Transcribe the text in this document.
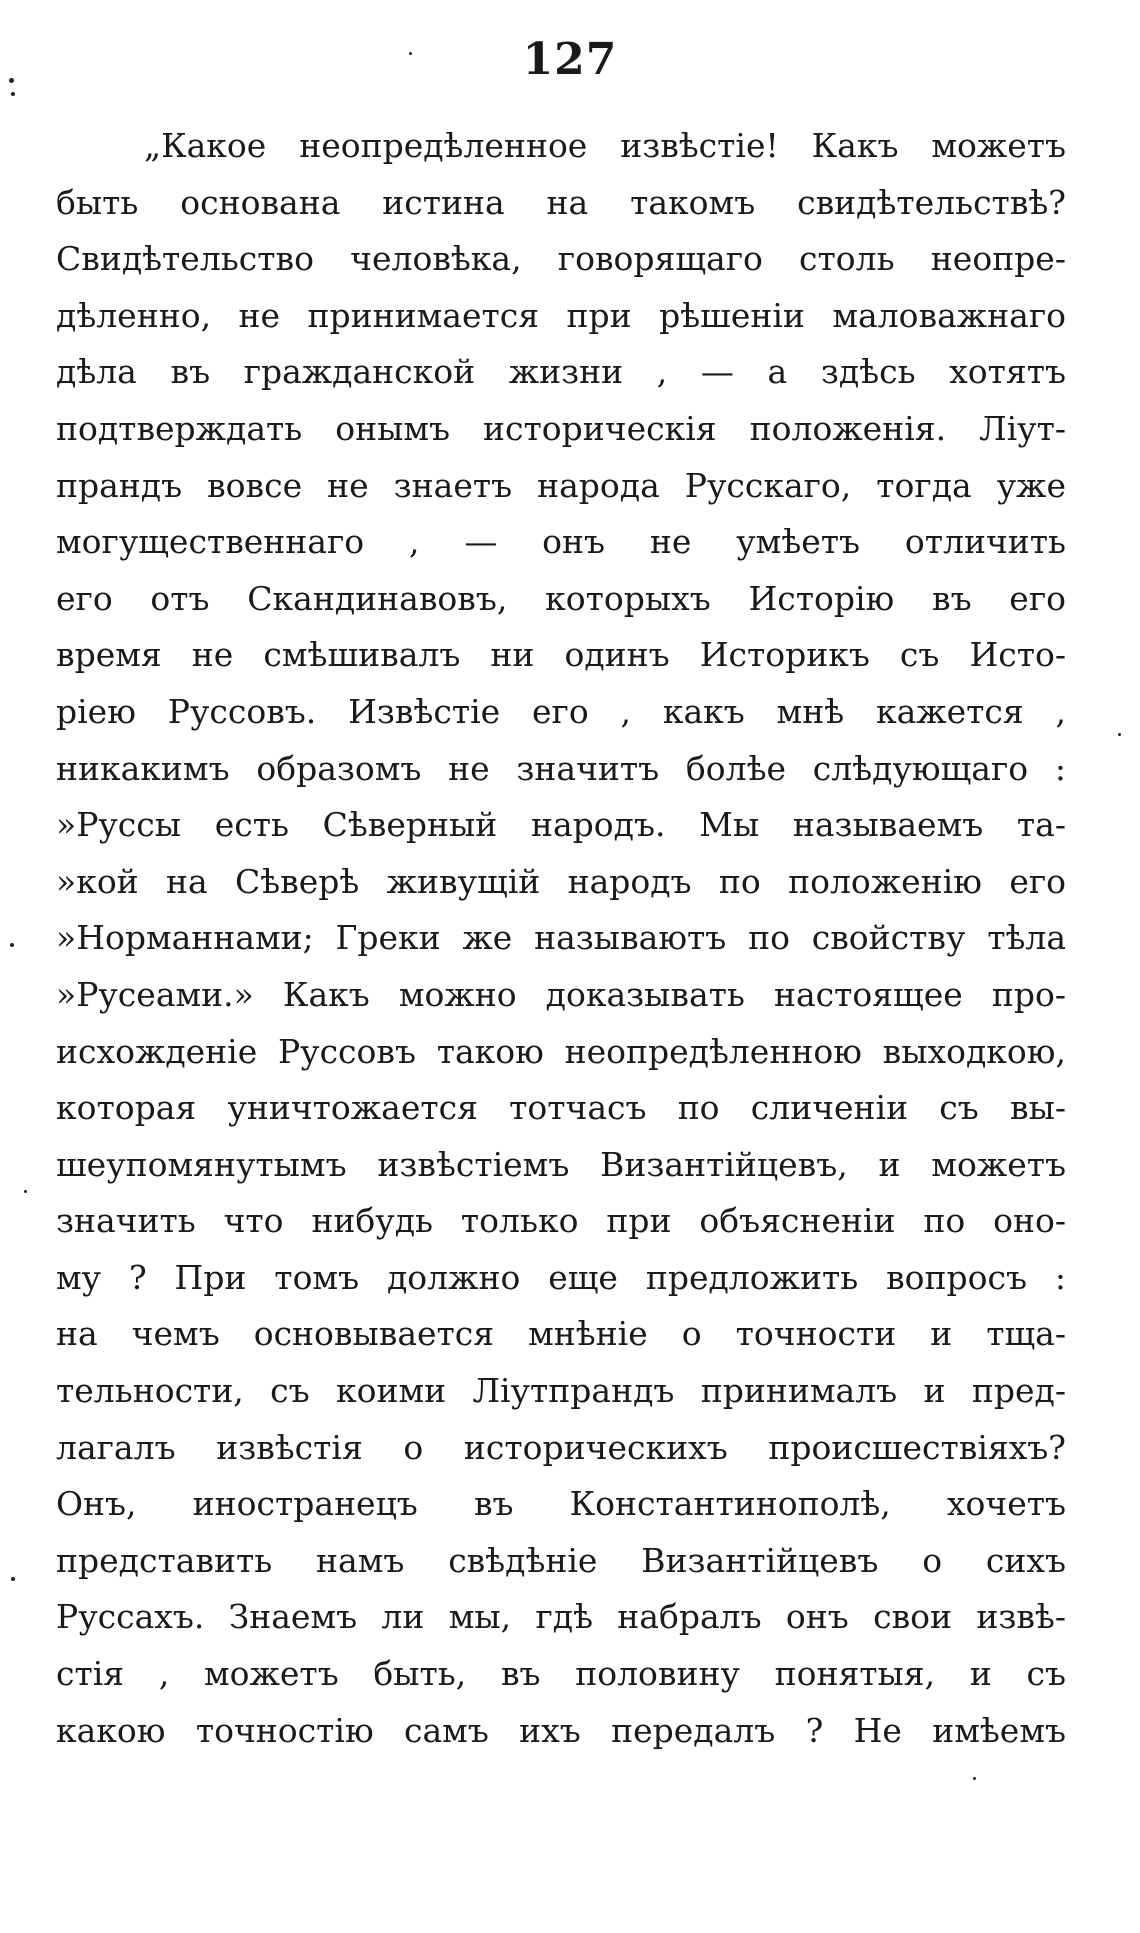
127
„Какое неопредѣленное извѣстіе! Какъ можетъ
быть основана истина на такомъ свидѣтельствѣ?
Свидѣтельство человѣка, говорящаго столь неопре-
дѣленно, не принимается при рѣшеніи маловажнаго
дѣла въ гражданской жизни , — а здѣсь хотятъ
подтверждать онымъ историческія положенія. Ліут-
прандъ вовсе не знаетъ народа Русскаго, тогда уже
могущественнаго , — онъ не умѣетъ отличить
его отъ Скандинавовъ, которыхъ Исторію въ его
время не смѣшивалъ ни одинъ Историкъ съ Исто-
ріею Руссовъ. Извѣстіе его , какъ мнѣ кажется ,
никакимъ образомъ не значитъ болѣе слѣдующаго :
»Руссы есть Сѣверный народъ. Мы называемъ та-
»кой на Сѣверѣ живущій народъ по положенію его
»Норманнами; Греки же называютъ по свойству тѣла
»Русеами.» Какъ можно доказывать настоящее про-
исхожденіе Руссовъ такою неопредѣленною выходкою,
которая уничтожается тотчасъ по сличеніи съ вы-
шеупомянутымъ извѣстіемъ Византійцевъ, и можетъ
значить что нибудь только при объясненіи по оно-
му ? При томъ должно еще предложить вопросъ :
на чемъ основывается мнѣніе о точности и тща-
тельности, съ коими Ліутпрандъ принималъ и пред-
лагалъ извѣстія о историческихъ происшествіяхъ?
Онъ, иностранецъ въ Константинополѣ, хочетъ
представить намъ свѣдѣніе Византійцевъ о сихъ
Руссахъ. Знаемъ ли мы, гдѣ набралъ онъ свои извѣ-
стія , можетъ быть, въ половину понятыя, и съ
какою точностію самъ ихъ передалъ ? Не имѣемъ
